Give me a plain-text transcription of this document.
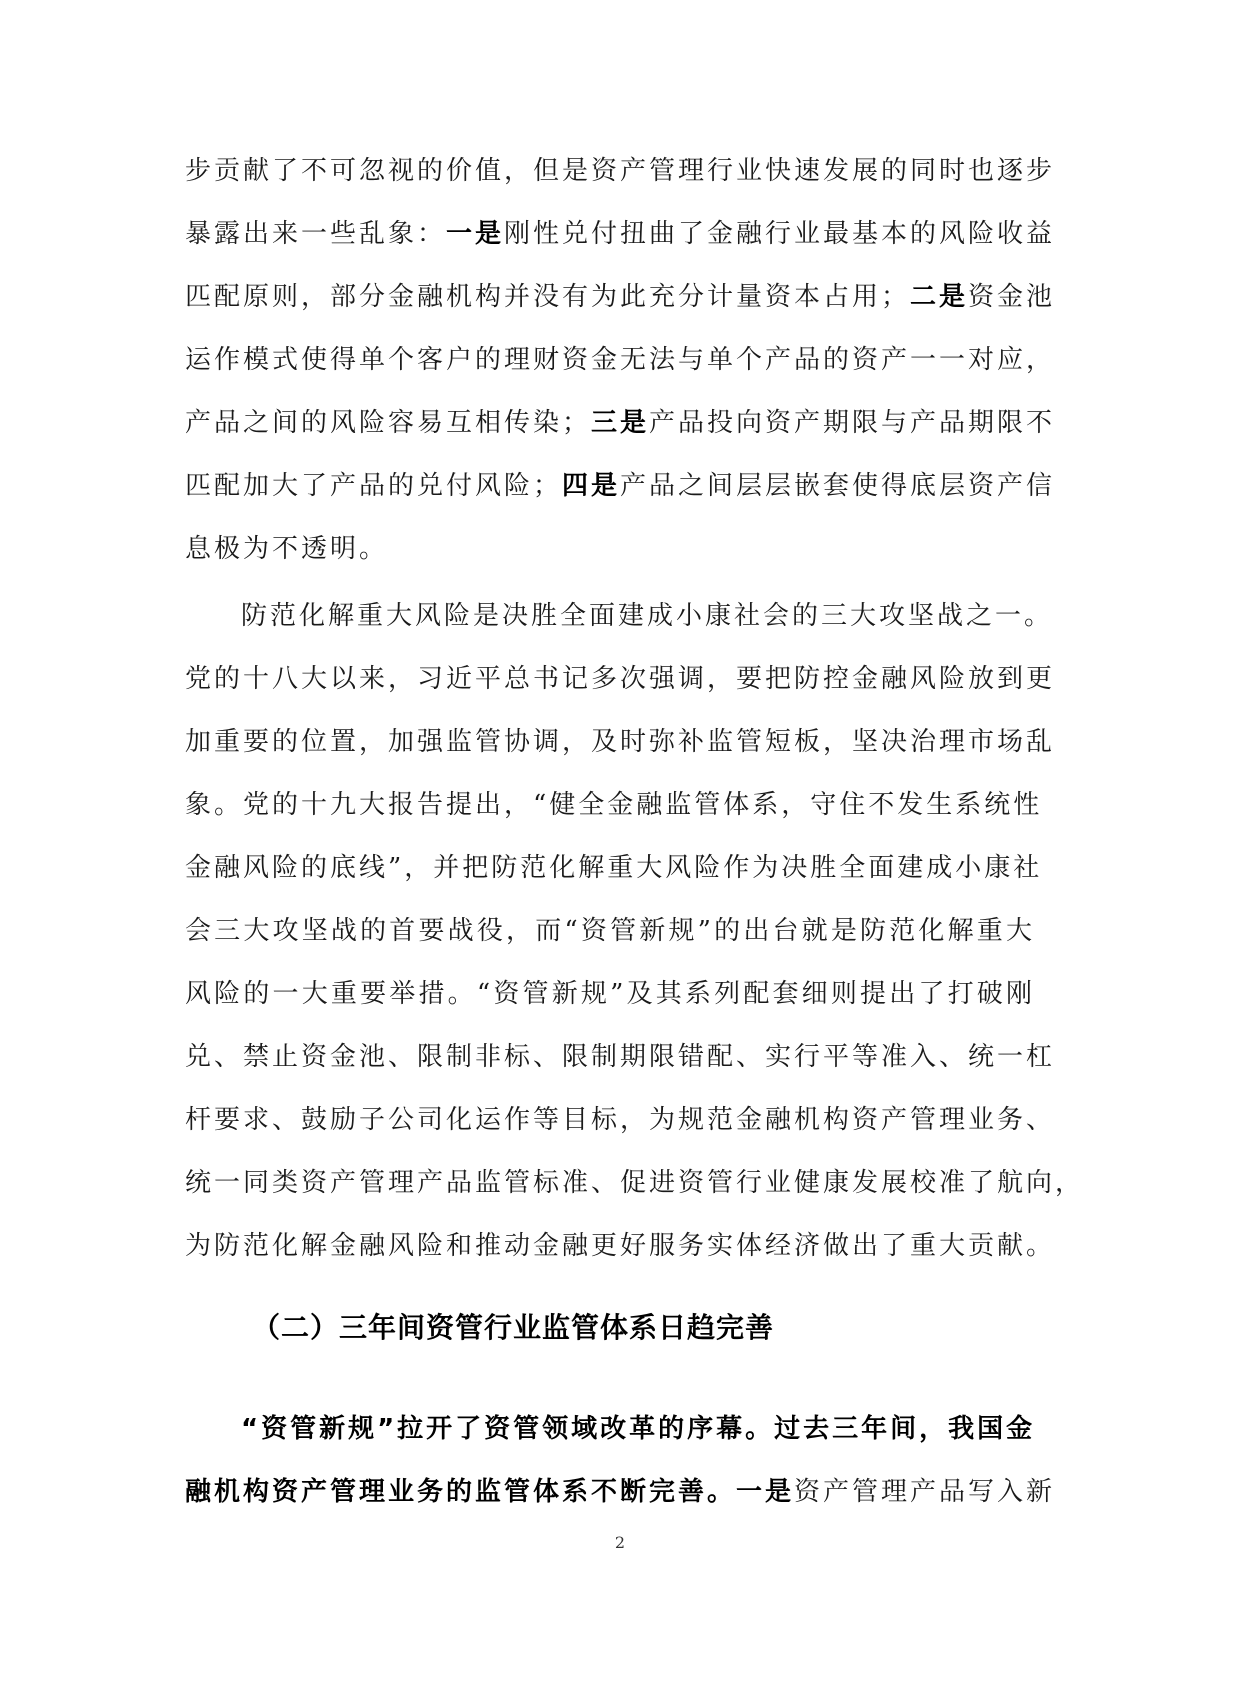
步贡献了不可忽视的价值，但是资产管理行业快速发展的同时也逐步
暴露出来一些乱象：一是刚性兑付扭曲了金融行业最基本的风险收益
匹配原则，部分金融机构并没有为此充分计量资本占用；二是资金池
运作模式使得单个客户的理财资金无法与单个产品的资产一一对应，
产品之间的风险容易互相传染；三是产品投向资产期限与产品期限不
匹配加大了产品的兑付风险；四是产品之间层层嵌套使得底层资产信
息极为不透明。
防范化解重大风险是决胜全面建成小康社会的三大攻坚战之一。
党的十八大以来，习近平总书记多次强调，要把防控金融风险放到更
加重要的位置，加强监管协调，及时弥补监管短板，坚决治理市场乱
象。党的十九大报告提出，“健全金融监管体系，守住不发生系统性
金融风险的底线”，并把防范化解重大风险作为决胜全面建成小康社
会三大攻坚战的首要战役，而“资管新规”的出台就是防范化解重大
风险的一大重要举措。“资管新规”及其系列配套细则提出了打破刚
兑、禁止资金池、限制非标、限制期限错配、实行平等准入、统一杠
杆要求、鼓励子公司化运作等目标，为规范金融机构资产管理业务、
统一同类资产管理产品监管标准、促进资管行业健康发展校准了航向，
为防范化解金融风险和推动金融更好服务实体经济做出了重大贡献。
（二）三年间资管行业监管体系日趋完善
“资管新规”拉开了资管领域改革的序幕。过去三年间，我国金
融机构资产管理业务的监管体系不断完善。一是资产管理产品写入新
2
